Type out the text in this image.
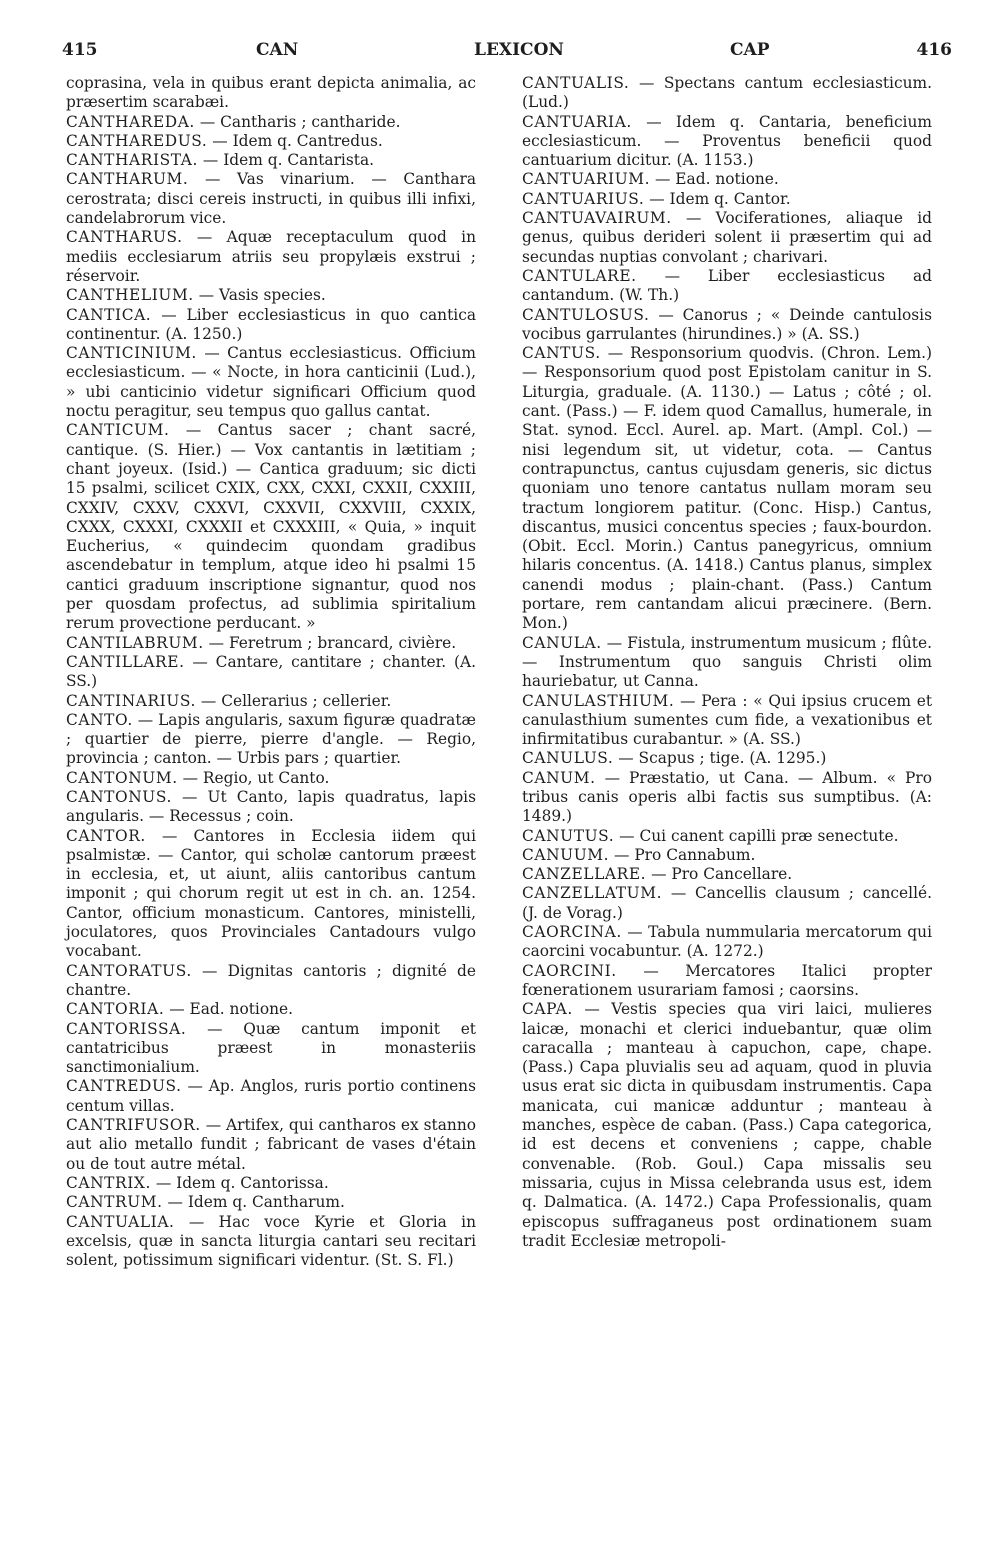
415	CAN	LEXICON	CAP	416

coprasina, vela in quibus erant depicta animalia, ac præsertim scarabæi.

CANTHAREDA. — Cantharis ; cantharide.

CANTHAREDUS. — Idem q. Cantredus.

CANTHARISTA. — Idem q. Cantarista.

CANTHARUM. — Vas vinarium. — Canthara cerostrata; disci cereis instructi, in quibus illi infixi, candelabrorum vice.

CANTHARUS. — Aquæ receptaculum quod in mediis ecclesiarum atriis seu propylæis exstrui ; réservoir.

CANTHELIUM. — Vasis species.

CANTICA. — Liber ecclesiasticus in quo cantica continentur. (A. 1250.)

CANTICINIUM. — Cantus ecclesiasticus. Officium ecclesiasticum. — « Nocte, in hora canticinii (Lud.), » ubi canticinio videtur significari Officium quod noctu peragitur, seu tempus quo gallus cantat.

CANTICUM. — Cantus sacer ; chant sacré, cantique. (S. Hier.) — Vox cantantis in lætitiam ; chant joyeux. (Isid.) — Cantica graduum; sic dicti 15 psalmi, scilicet CXIX, CXX, CXXI, CXXII, CXXIII, CXXIV, CXXV, CXXVI, CXXVII, CXXVIII, CXXIX, CXXX, CXXXI, CXXXII et CXXXIII, « Quia, » inquit Eucherius, « quindecim quondam gradibus ascendebatur in templum, atque ideo hi psalmi 15 cantici graduum inscriptione signantur, quod nos per quosdam profectus, ad sublimia spiritalium rerum provectione perducant. »

CANTILABRUM. — Feretrum ; brancard, civière.

CANTILLARE. — Cantare, cantitare ; chanter. (A. SS.)

CANTINARIUS. — Cellerarius ; cellerier.

CANTO. — Lapis angularis, saxum figuræ quadratæ ; quartier de pierre, pierre d'angle. — Regio, provincia ; canton. — Urbis pars ; quartier.

CANTONUM. — Regio, ut Canto.

CANTONUS. — Ut Canto, lapis quadratus, lapis angularis. — Recessus ; coin.

CANTOR. — Cantores in Ecclesia iidem qui psalmistæ. — Cantor, qui scholæ cantorum præest in ecclesia, et, ut aiunt, aliis cantoribus cantum imponit ; qui chorum regit ut est in ch. an. 1254. Cantor, officium monasticum. Cantores, ministelli, joculatores, quos Provinciales Cantadours vulgo vocabant.

CANTORATUS. — Dignitas cantoris ; dignité de chantre.

CANTORIA. — Ead. notione.

CANTORISSA. — Quæ cantum imponit et cantatricibus præest in monasteriis sanctimonialium.

CANTREDUS. — Ap. Anglos, ruris portio continens centum villas.

CANTRIFUSOR. — Artifex, qui cantharos ex stanno aut alio metallo fundit ; fabricant de vases d'étain ou de tout autre métal.

CANTRIX. — Idem q. Cantorissa.

CANTRUM. — Idem q. Cantharum.

CANTUALIA. — Hac voce Kyrie et Gloria in excelsis, quæ in sancta liturgia cantari seu recitari solent, potissimum significari videntur. (St. S. Fl.)

CANTUALIS. — Spectans cantum ecclesiasticum. (Lud.)

CANTUARIA. — Idem q. Cantaria, beneficium ecclesiasticum. — Proventus beneficii quod cantuarium dicitur. (A. 1153.)

CANTUARIUM. — Ead. notione.

CANTUARIUS. — Idem q. Cantor.

CANTUAVAIRUM. — Vociferationes, aliaque id genus, quibus derideri solent ii præsertim qui ad secundas nuptias convolant ; charivari.

CANTULARE. — Liber ecclesiasticus ad cantandum. (W. Th.)

CANTULOSUS. — Canorus ; « Deinde cantulosis vocibus garrulantes (hirundines.) » (A. SS.)

CANTUS. — Responsorium quodvis. (Chron. Lem.) — Responsorium quod post Epistolam canitur in S. Liturgia, graduale. (A. 1130.) — Latus ; côté ; ol. cant. (Pass.) — F. idem quod Camallus, humerale, in Stat. synod. Eccl. Aurel. ap. Mart. (Ampl. Col.) — nisi legendum sit, ut videtur, cota. — Cantus contrapunctus, cantus cujusdam generis, sic dictus quoniam uno tenore cantatus nullam moram seu tractum longiorem patitur. (Conc. Hisp.) Cantus, discantus, musici concentus species ; faux-bourdon. (Obit. Eccl. Morin.) Cantus panegyricus, omnium hilaris concentus. (A. 1418.) Cantus planus, simplex canendi modus ; plain-chant. (Pass.) Cantum portare, rem cantandam alicui præcinere. (Bern. Mon.)

CANULA. — Fistula, instrumentum musicum ; flûte. — Instrumentum quo sanguis Christi olim hauriebatur, ut Canna.

CANULASTHIUM. — Pera : « Qui ipsius crucem et canulasthium sumentes cum fide, a vexationibus et infirmitatibus curabantur. » (A. SS.)

CANULUS. — Scapus ; tige. (A. 1295.)

CANUM. — Præstatio, ut Cana. — Album. « Pro tribus canis operis albi factis sus sumptibus. (A: 1489.)

CANUTUS. — Cui canent capilli præ senectute.

CANUUM. — Pro Cannabum.

CANZELLARE. — Pro Cancellare.

CANZELLATUM. — Cancellis clausum ; cancellé. (J. de Vorag.)

CAORCINA. — Tabula nummularia mercatorum qui caorcini vocabuntur. (A. 1272.)

CAORCINI. — Mercatores Italici propter fœnerationem usurariam famosi ; caorsins.

CAPA. — Vestis species qua viri laici, mulieres laicæ, monachi et clerici induebantur, quæ olim caracalla ; manteau à capuchon, cape, chape. (Pass.) Capa pluvialis seu ad aquam, quod in pluvia usus erat sic dicta in quibusdam instrumentis. Capa manicata, cui manicæ adduntur ; manteau à manches, espèce de caban. (Pass.) Capa categorica, id est decens et conveniens ; cappe, chable convenable. (Rob. Goul.) Capa missalis seu missaria, cujus in Missa celebranda usus est, idem q. Dalmatica. (A. 1472.) Capa Professionalis, quam episcopus suffraganeus post ordinationem suam tradit Ecclesiæ metropoli-
